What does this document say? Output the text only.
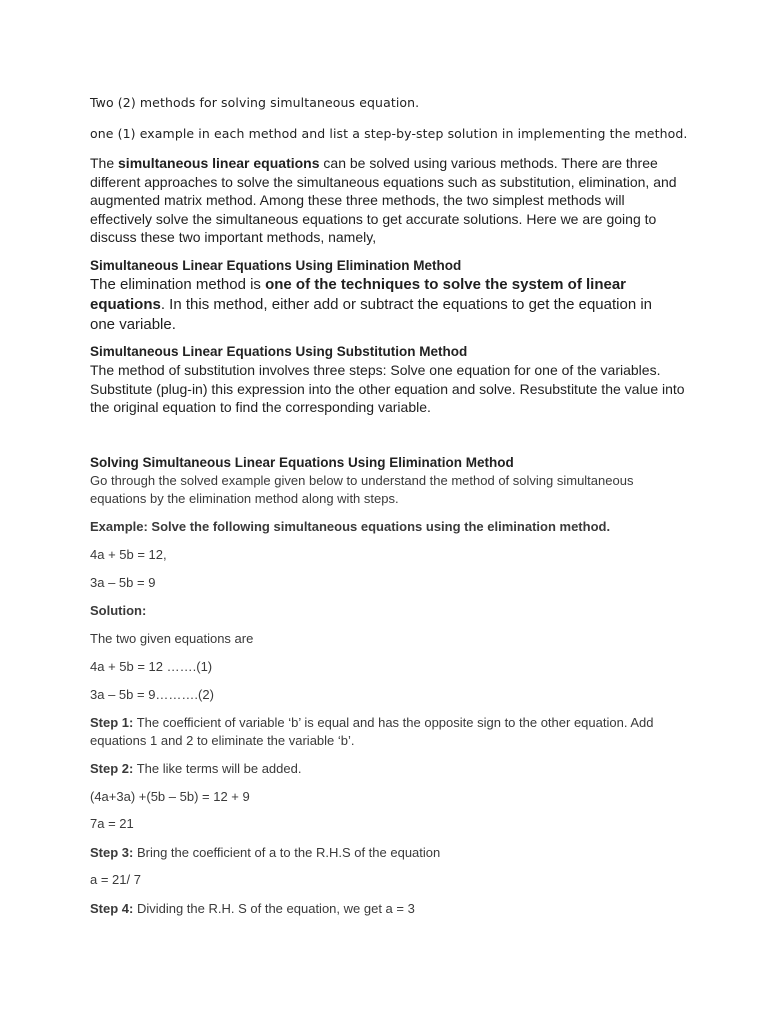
Two (2) methods for solving simultaneous equation.

one (1) example in each method and list a step-by-step solution in implementing the method.

The simultaneous linear equations can be solved using various methods. There are three different approaches to solve the simultaneous equations such as substitution, elimination, and augmented matrix method. Among these three methods, the two simplest methods will effectively solve the simultaneous equations to get accurate solutions. Here we are going to discuss these two important methods, namely,

Simultaneous Linear Equations Using Elimination Method

The elimination method is one of the techniques to solve the system of linear equations. In this method, either add or subtract the equations to get the equation in one variable.

Simultaneous Linear Equations Using Substitution Method

The method of substitution involves three steps: Solve one equation for one of the variables. Substitute (plug-in) this expression into the other equation and solve. Resubstitute the value into the original equation to find the corresponding variable.

Solving Simultaneous Linear Equations Using Elimination Method

Go through the solved example given below to understand the method of solving simultaneous equations by the elimination method along with steps.

Example: Solve the following simultaneous equations using the elimination method.

4a + 5b = 12,

3a – 5b = 9

Solution:

The two given equations are

4a + 5b = 12 …….(1)

3a – 5b = 9……….(2)

Step 1: The coefficient of variable ‘b’ is equal and has the opposite sign to the other equation. Add equations 1 and 2 to eliminate the variable ‘b’.

Step 2: The like terms will be added.

(4a+3a) +(5b – 5b) = 12 + 9

7a = 21

Step 3: Bring the coefficient of a to the R.H.S of the equation

a = 21/ 7

Step 4: Dividing the R.H. S of the equation, we get a = 3
